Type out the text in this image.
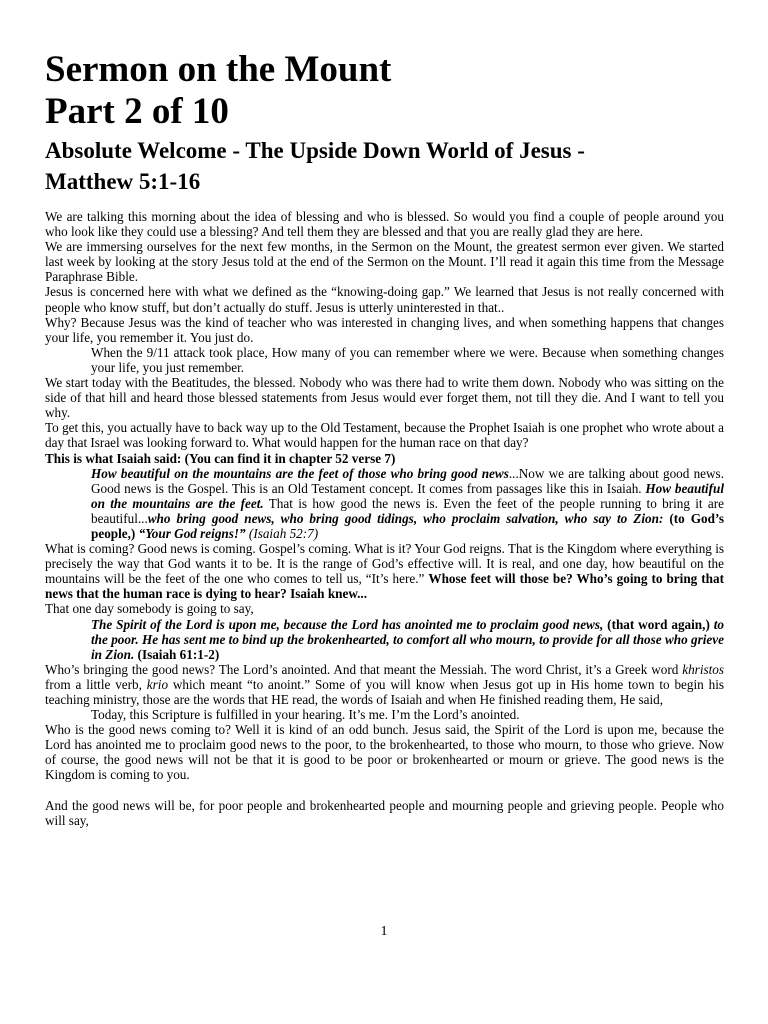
Sermon on the Mount
Part 2 of 10
Absolute Welcome - The Upside Down World of Jesus -
Matthew 5:1-16

We are talking this morning about the idea of blessing and who is blessed. So would you find a couple of people around you who look like they could use a blessing? And tell them they are blessed and that you are really glad they are here.

We are immersing ourselves for the next few months, in the Sermon on the Mount, the greatest sermon ever given. We started last week by looking at the story Jesus told at the end of the Sermon on the Mount. I’ll read it again this time from the Message Paraphrase Bible.

Jesus is concerned here with what we defined as the “knowing-doing gap.” We learned that Jesus is not really concerned with people who know stuff, but don’t actually do stuff. Jesus is utterly uninterested in that..

Why? Because Jesus was the kind of teacher who was interested in changing lives, and when something happens that changes your life, you remember it. You just do.

When the 9/11 attack took place, How many of you can remember where we were. Because when something changes your life, you just remember.

We start today with the Beatitudes, the blessed. Nobody who was there had to write them down. Nobody who was sitting on the side of that hill and heard those blessed statements from Jesus would ever forget them, not till they die. And I want to tell you why.

To get this, you actually have to back way up to the Old Testament, because the Prophet Isaiah is one prophet who wrote about a day that Israel was looking forward to. What would happen for the human race on that day?

This is what Isaiah said: (You can find it in chapter 52 verse 7)

How beautiful on the mountains are the feet of those who bring good news...Now we are talking about good news. Good news is the Gospel. This is an Old Testament concept. It comes from passages like this in Isaiah. How beautiful on the mountains are the feet. That is how good the news is. Even the feet of the people running to bring it are beautiful...who bring good news, who bring good tidings, who proclaim salvation, who say to Zion: (to God’s people,) “Your God reigns!” (Isaiah 52:7)

What is coming? Good news is coming. Gospel’s coming. What is it? Your God reigns. That is the Kingdom where everything is precisely the way that God wants it to be. It is the range of God’s effective will. It is real, and one day, how beautiful on the mountains will be the feet of the one who comes to tell us, “It’s here.” Whose feet will those be? Who’s going to bring that news that the human race is dying to hear? Isaiah knew...

That one day somebody is going to say,

The Spirit of the Lord is upon me, because the Lord has anointed me to proclaim good news, (that word again,) to the poor. He has sent me to bind up the brokenhearted, to comfort all who mourn, to provide for all those who grieve in Zion. (Isaiah 61:1-2)

Who’s bringing the good news? The Lord’s anointed. And that meant the Messiah. The word Christ, it’s a Greek word khristos from a little verb, krio which meant “to anoint.” Some of you will know when Jesus got up in His home town to begin his teaching ministry, those are the words that HE read, the words of Isaiah and when He finished reading them, He said,

Today, this Scripture is fulfilled in your hearing. It’s me. I’m the Lord’s anointed.

Who is the good news coming to? Well it is kind of an odd bunch. Jesus said, the Spirit of the Lord is upon me, because the Lord has anointed me to proclaim good news to the poor, to the brokenhearted, to those who mourn, to those who grieve. Now of course, the good news will not be that it is good to be poor or brokenhearted or mourn or grieve. The good news is the Kingdom is coming to you.

And the good news will be, for poor people and brokenhearted people and mourning people and grieving people. People who will say,

1
